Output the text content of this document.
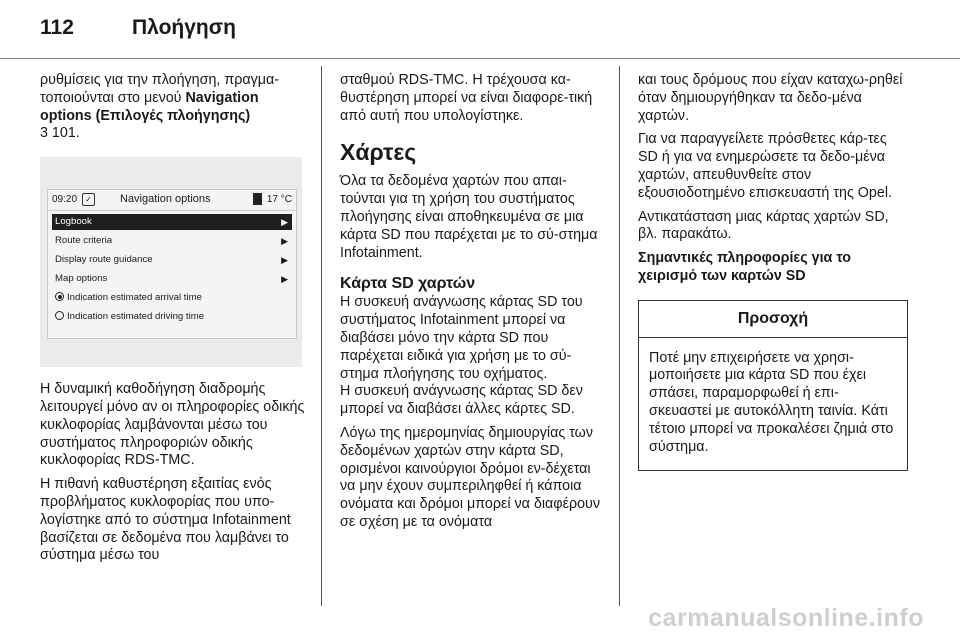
112	Πλοήγηση

ρυθμίσεις για την πλοήγηση, πραγμα-τοποιούνται στο μενού Navigation options (Επιλογές πλοήγησης)
3 101.

09:20	✓	Navigation options	17 °C
Logbook	▶
Route criteria	▶
Display route guidance	▶
Map options	▶
Indication estimated arrival time
Indication estimated driving time

Η δυναμική καθοδήγηση διαδρομής λειτουργεί μόνο αν οι πληροφορίες οδικής κυκλοφορίας λαμβάνονται μέσω του συστήματος πληροφοριών οδικής κυκλοφορίας RDS-TMC.

Η πιθανή καθυστέρηση εξαιτίας ενός προβλήματος κυκλοφορίας που υπο-λογίστηκε από το σύστημα Infotainment βασίζεται σε δεδομένα που λαμβάνει το σύστημα μέσω του

σταθμού RDS-TMC. Η τρέχουσα κα-θυστέρηση μπορεί να είναι διαφορε-τική από αυτή που υπολογίστηκε.

Χάρτες

Όλα τα δεδομένα χαρτών που απαι-τούνται για τη χρήση του συστήματος πλοήγησης είναι αποθηκευμένα σε μια κάρτα SD που παρέχεται με το σύ-στημα Infotainment.

Κάρτα SD χαρτών

Η συσκευή ανάγνωσης κάρτας SD του συστήματος Infotainment μπορεί να διαβάσει μόνο την κάρτα SD που παρέχεται ειδικά για χρήση με το σύ-στημα πλοήγησης του οχήματος.

Η συσκευή ανάγνωσης κάρτας SD δεν μπορεί να διαβάσει άλλες κάρτες SD.

Λόγω της ημερομηνίας δημιουργίας των δεδομένων χαρτών στην κάρτα SD, ορισμένοι καινούργιοι δρόμοι εν-δέχεται να μην έχουν συμπεριληφθεί ή κάποια ονόματα και δρόμοι μπορεί να διαφέρουν σε σχέση με τα ονόματα

και τους δρόμους που είχαν καταχω-ρηθεί όταν δημιουργήθηκαν τα δεδο-μένα χαρτών.

Για να παραγγείλετε πρόσθετες κάρ-τες SD ή για να ενημερώσετε τα δεδο-μένα χαρτών, απευθυνθείτε στον εξουσιοδοτημένο επισκευαστή της Opel.

Αντικατάσταση μιας κάρτας χαρτών SD, βλ. παρακάτω.

Σημαντικές πληροφορίες για το χειρισμό των καρτών SD

Προσοχή
Ποτέ μην επιχειρήσετε να χρησι-μοποιήσετε μια κάρτα SD που έχει σπάσει, παραμορφωθεί ή επι-σκευαστεί με αυτοκόλλητη ταινία. Κάτι τέτοιο μπορεί να προκαλέσει ζημιά στο σύστημα.
carmanualsonline.info
